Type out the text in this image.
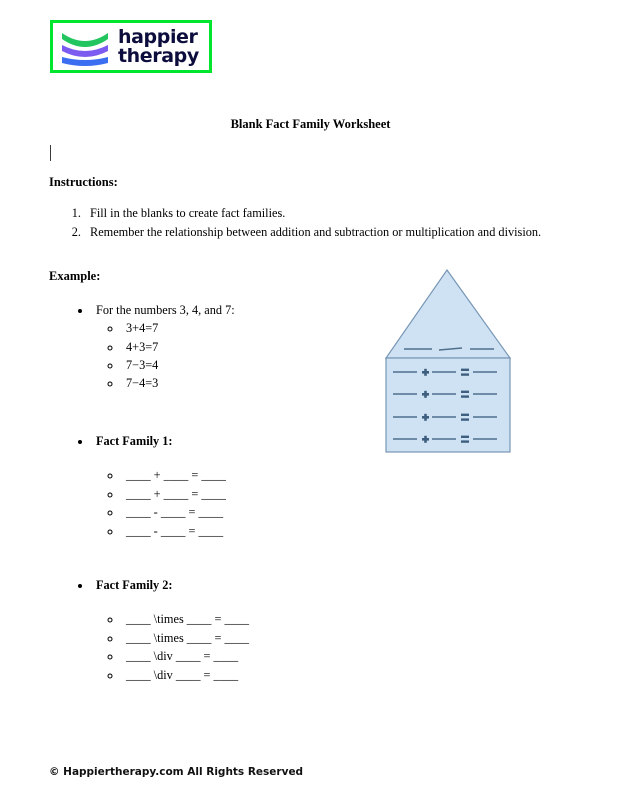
happier
therapy
Blank Fact Family Worksheet
Instructions:
1. Fill in the blanks to create fact families.
2. Remember the relationship between addition and subtraction or multiplication and division.
Example:
• For the numbers 3, 4, and 7:
◦ 3+4=7
◦ 4+3=7
◦ 7−3=4
◦ 7−4=3
• Fact Family 1:
◦ ____ + ____ = ____
◦ ____ + ____ = ____
◦ ____ - ____ = ____
◦ ____ - ____ = ____
• Fact Family 2:
◦ ____ \times ____ = ____
◦ ____ \times ____ = ____
◦ ____ \div ____ = ____
◦ ____ \div ____ = ____
© Happiertherapy.com All Rights Reserved
